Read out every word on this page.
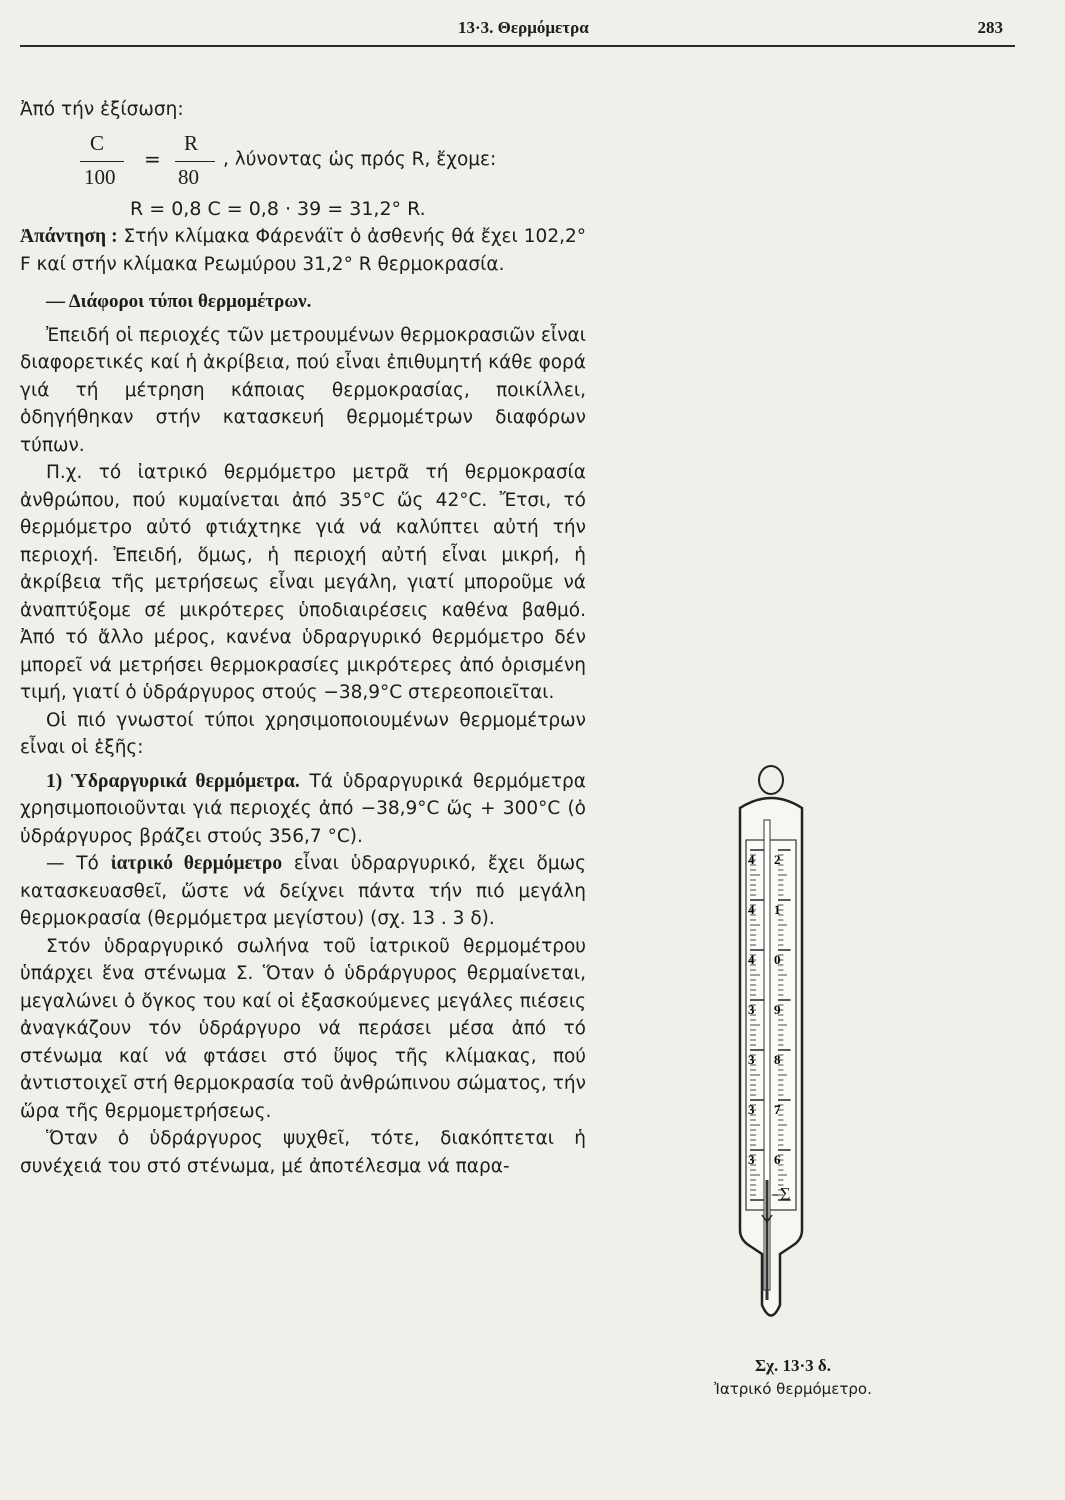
13·3. Θερμόμετρα	283

Ἀπό τήν ἐξίσωση:

C
100
=
R
80
, λύνοντας ὡς πρός R, ἔχομε:

R = 0,8 C = 0,8 · 39 = 31,2° R.

Ἀπάντηση : Στήν κλίμακα Φάρενάϊτ ὁ ἀσθενής θά ἔχει 102,2° F καί στήν κλίμακα Ρεωμύρου 31,2° R θερμοκρασία.

— Διάφοροι τύποι θερμομέτρων.

Ἐπειδή οἱ περιοχές τῶν μετρουμένων θερμοκρασιῶν εἶναι διαφορετικές καί ἡ ἀκρίβεια, πού εἶναι ἐπιθυμητή κάθε φορά γιά τή μέτρηση κάποιας θερμοκρασίας, ποικίλλει, ὁδηγήθηκαν στήν κατασκευή θερμομέτρων διαφόρων τύπων.

Π.χ. τό ἰατρικό θερμόμετρο μετρᾶ τή θερμοκρασία ἀνθρώπου, πού κυμαίνεται ἀπό 35°C ὥς 42°C. Ἔτσι, τό θερμόμετρο αὐτό φτιάχτηκε γιά νά καλύπτει αὐτή τήν περιοχή. Ἐπειδή, ὅμως, ἡ περιοχή αὐτή εἶναι μικρή, ἡ ἀκρίβεια τῆς μετρήσεως εἶναι μεγάλη, γιατί μποροῦμε νά ἀναπτύξομε σέ μικρότερες ὑποδιαιρέσεις καθένα βαθμό. Ἀπό τό ἄλλο μέρος, κανένα ὑδραργυρικό θερμόμετρο δέν μπορεῖ νά μετρήσει θερμοκρασίες μικρότερες ἀπό ὁρισμένη τιμή, γιατί ὁ ὑδράργυρος στούς −38,9°C στερεοποιεῖται.

Οἱ πιό γνωστοί τύποι χρησιμοποιουμένων θερμομέτρων εἶναι οἱ ἑξῆς:

1) Ὑδραργυρικά θερμόμετρα. Τά ὑδραργυρικά θερμόμετρα χρησιμοποιοῦνται γιά περιοχές ἀπό −38,9°C ὥς + 300°C (ὁ ὑδράργυρος βράζει στούς 356,7 °C).

— Τό ἰατρικό θερμόμετρο εἶναι ὑδραργυρικό, ἔχει ὅμως κατασκευασθεῖ, ὥστε νά δείχνει πάντα τήν πιό μεγάλη θερμοκρασία (θερμόμετρα μεγίστου) (σχ. 13 . 3 δ).

Στόν ὑδραργυρικό σωλήνα τοῦ ἰατρικοῦ θερμομέτρου ὑπάρχει ἕνα στένωμα Σ. Ὅταν ὁ ὑδράργυρος θερμαίνεται, μεγαλώνει ὁ ὄγκος του καί οἱ ἐξασκούμενες μεγάλες πιέσεις ἀναγκάζουν τόν ὑδράργυρο νά περάσει μέσα ἀπό τό στένωμα καί νά φτάσει στό ὕψος τῆς κλίμακας, πού ἀντιστοιχεῖ στή θερμοκρασία τοῦ ἀνθρώπινου σώματος, τήν ὥρα τῆς θερμομετρήσεως.

Ὅταν ὁ ὑδράργυρος ψυχθεῖ, τότε, διακόπτεται ἡ συνέχειά του στό στένωμα, μέ ἀποτέλεσμα νά παρα-

4
4
4
3
3
3
3
2
1
0
9
8
7
6
Σ
Σχ. 13·3 δ.
Ἰατρικό θερμόμετρο.
